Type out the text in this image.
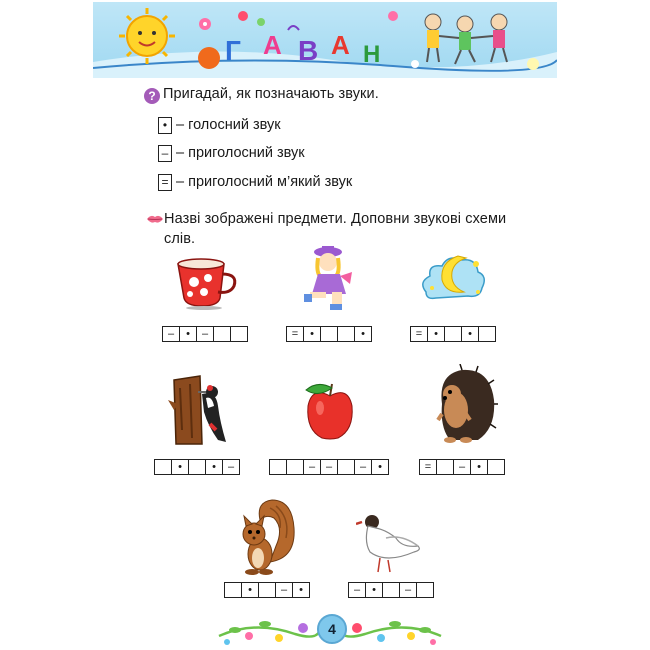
Г А В А Н
? Пригадай, як позначають звуки.
• – голосний звук
– – приголосний звук
= – приголосний м’який звук
Назві зображені предмети. Доповни звукові схеми
слів.
–	•	–	=	•	•	=	•	•
•	•	–	– –	–	•	=	–	•
•	–	•	–	•	–
4
